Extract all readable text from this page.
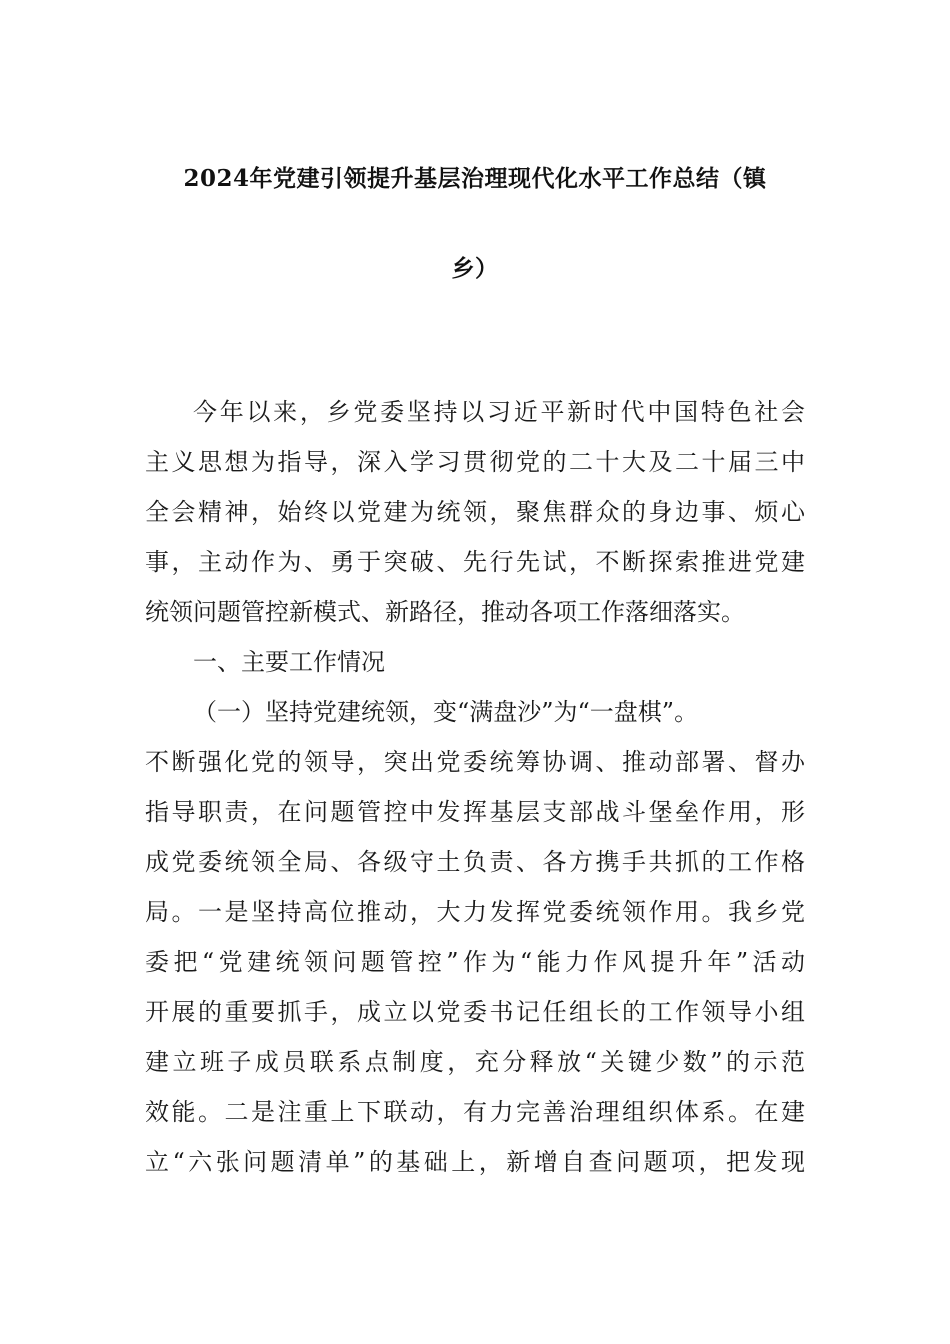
2024年党建引领提升基层治理现代化水平工作总结（镇
乡）
今年以来，乡党委坚持以习近平新时代中国特色社会
主义思想为指导，深入学习贯彻党的二十大及二十届三中
全会精神，始终以党建为统领，聚焦群众的身边事、烦心
事，主动作为、勇于突破、先行先试，不断探索推进党建
统领问题管控新模式、新路径，推动各项工作落细落实。
一、主要工作情况
（一）坚持党建统领，变“满盘沙”为“一盘棋”。
不断强化党的领导，突出党委统筹协调、推动部署、督办
指导职责，在问题管控中发挥基层支部战斗堡垒作用，形
成党委统领全局、各级守土负责、各方携手共抓的工作格
局。一是坚持高位推动，大力发挥党委统领作用。我乡党
委把“党建统领问题管控”作为“能力作风提升年”活动
开展的重要抓手，成立以党委书记任组长的工作领导小组
建立班子成员联系点制度，充分释放“关键少数”的示范
效能。二是注重上下联动，有力完善治理组织体系。在建
立“六张问题清单”的基础上，新增自查问题项，把发现
